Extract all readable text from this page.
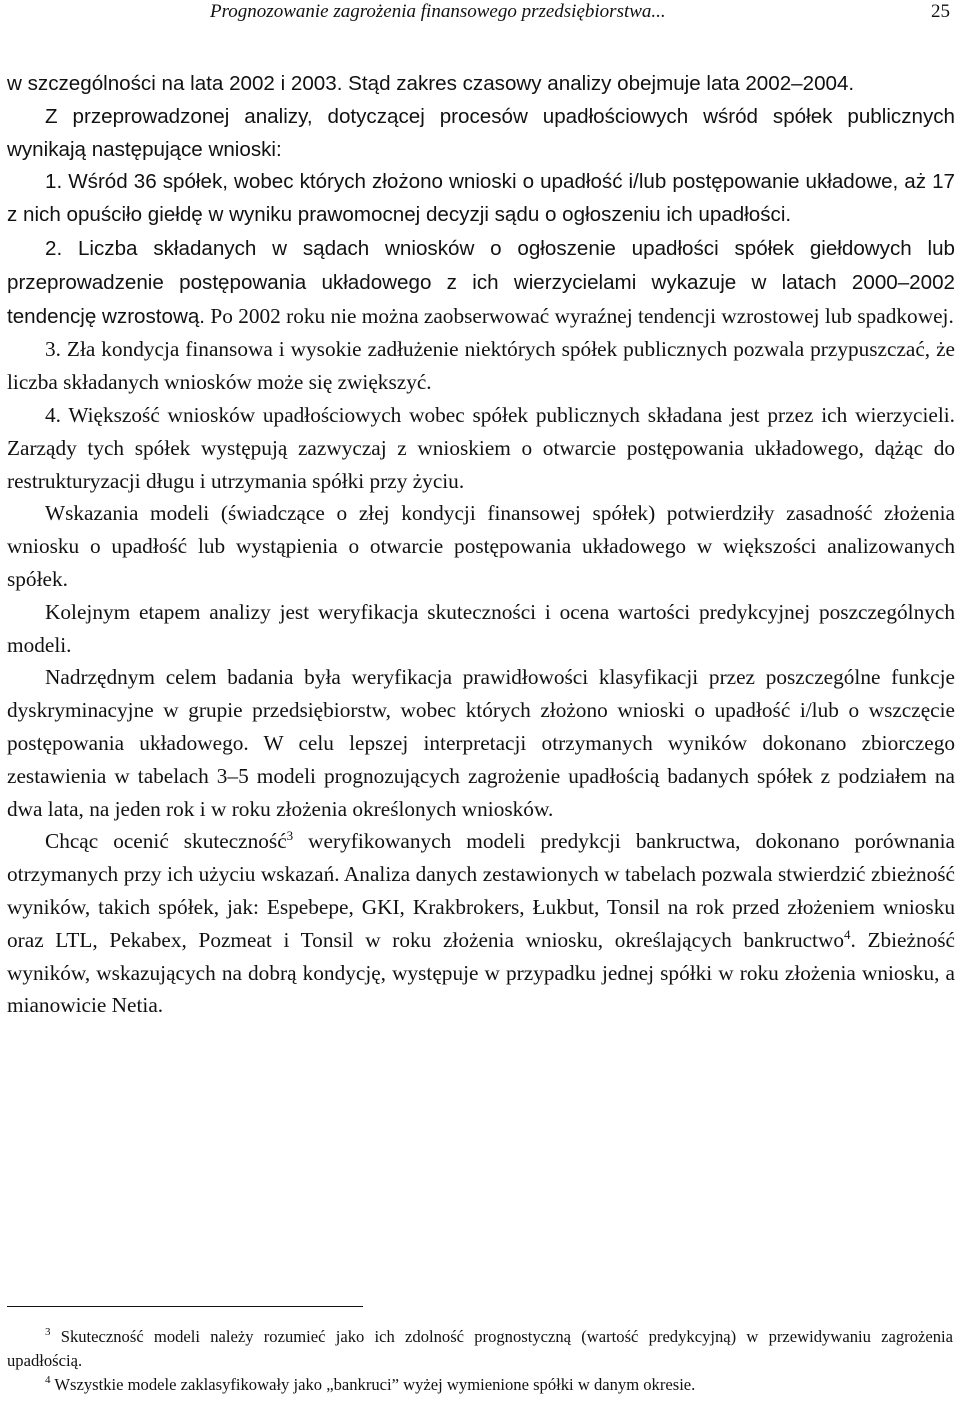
Prognozowanie zagrożenia finansowego przedsiębiorstwa...	25

w szczególności na lata 2002 i 2003. Stąd zakres czasowy analizy obejmuje lata 2002–2004.

Z przeprowadzonej analizy, dotyczącej procesów upadłościowych wśród spółek publicznych wynikają następujące wnioski:

1. Wśród 36 spółek, wobec których złożono wnioski o upadłość i/lub postępowanie układowe, aż 17 z nich opuściło giełdę w wyniku prawomocnej decyzji sądu o ogłoszeniu ich upadłości.

2. Liczba składanych w sądach wniosków o ogłoszenie upadłości spółek giełdowych lub przeprowadzenie postępowania układowego z ich wierzycielami wykazuje w latach 2000–2002 tendencję wzrostową. Po 2002 roku nie można zaobserwować wyraźnej tendencji wzrostowej lub spadkowej.

3. Zła kondycja finansowa i wysokie zadłużenie niektórych spółek publicznych pozwala przypuszczać, że liczba składanych wniosków może się zwiększyć.

4. Większość wniosków upadłościowych wobec spółek publicznych składana jest przez ich wierzycieli. Zarządy tych spółek występują zazwyczaj z wnioskiem o otwarcie postępowania układowego, dążąc do restrukturyzacji długu i utrzymania spółki przy życiu.

Wskazania modeli (świadczące o złej kondycji finansowej spółek) potwierdziły zasadność złożenia wniosku o upadłość lub wystąpienia o otwarcie postępowania układowego w większości analizowanych spółek.

Kolejnym etapem analizy jest weryfikacja skuteczności i ocena wartości predykcyjnej poszczególnych modeli.

Nadrzędnym celem badania była weryfikacja prawidłowości klasyfikacji przez poszczególne funkcje dyskryminacyjne w grupie przedsiębiorstw, wobec których złożono wnioski o upadłość i/lub o wszczęcie postępowania układowego. W celu lepszej interpretacji otrzymanych wyników dokonano zbiorczego zestawienia w tabelach 3–5 modeli prognozujących zagrożenie upadłością badanych spółek z podziałem na dwa lata, na jeden rok i w roku złożenia określonych wniosków.

Chcąc ocenić skuteczność$^3$ weryfikowanych modeli predykcji bankructwa, dokonano porównania otrzymanych przy ich użyciu wskazań. Analiza danych zestawionych w tabelach pozwala stwierdzić zbieżność wyników, takich spółek, jak: Espebepe, GKI, Krakbrokers, Łukbut, Tonsil na rok przed złożeniem wniosku oraz LTL, Pekabex, Pozmeat i Tonsil w roku złożenia wniosku, określających bankructwo$^4$. Zbieżność wyników, wskazujących na dobrą kondycję, występuje w przypadku jednej spółki w roku złożenia wniosku, a mianowicie Netia.

$^3$ Skuteczność modeli należy rozumieć jako ich zdolność prognostyczną (wartość predykcyjną) w przewidywaniu zagrożenia upadłością.

$^4$ Wszystkie modele zaklasyfikowały jako „bankruci” wyżej wymienione spółki w danym okresie.
